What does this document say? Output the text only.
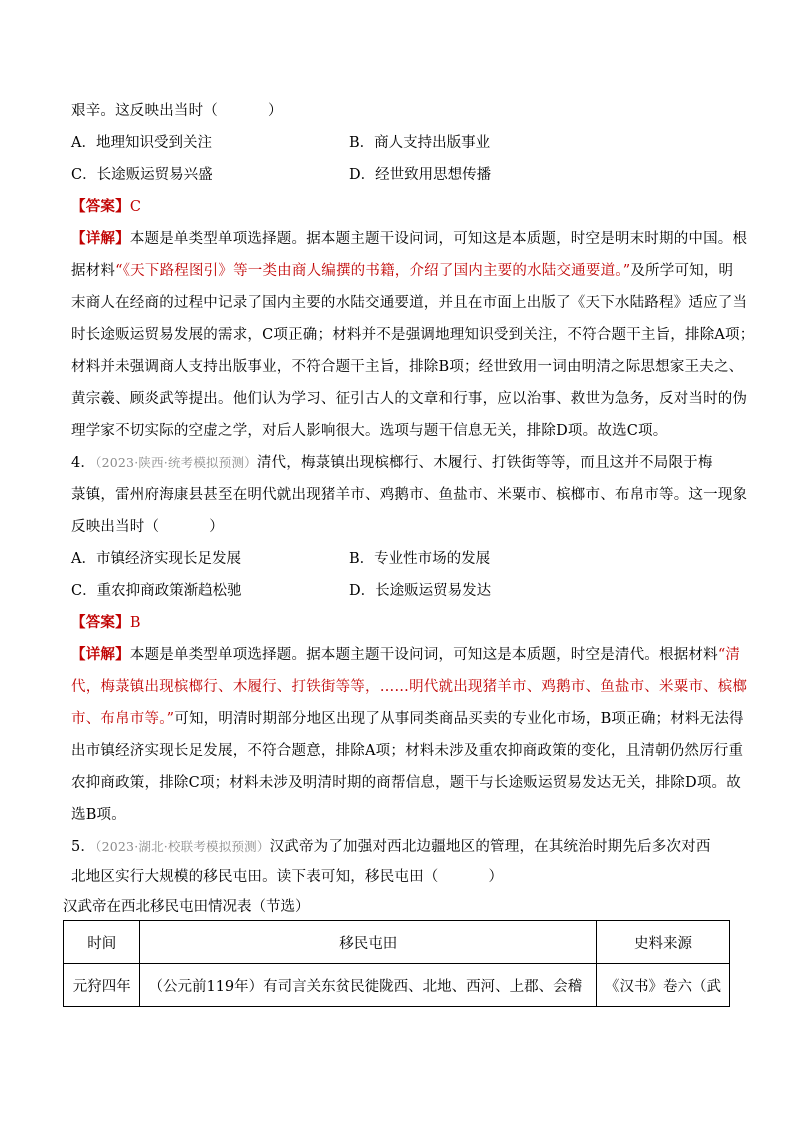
艰辛。这反映出当时（	）
A．地理知识受到关注	B．商人支持出版事业
C．长途贩运贸易兴盛	D．经世致用思想传播
【答案】C
【详解】本题是单类型单项选择题。据本题主题干设问词，可知这是本质题，时空是明末时期的中国。根
据材料“《天下路程图引》等一类由商人编撰的书籍，介绍了国内主要的水陆交通要道。”及所学可知，明
末商人在经商的过程中记录了国内主要的水陆交通要道，并且在市面上出版了《天下水陆路程》适应了当
时长途贩运贸易发展的需求，C项正确；材料并不是强调地理知识受到关注，不符合题干主旨，排除A项；
材料并未强调商人支持出版事业，不符合题干主旨，排除B项；经世致用一词由明清之际思想家王夫之、
黄宗羲、顾炎武等提出。他们认为学习、征引古人的文章和行事，应以治事、救世为急务，反对当时的伪
理学家不切实际的空虚之学，对后人影响很大。选项与题干信息无关，排除D项。故选C项。
4．（2023·陕西·统考模拟预测）清代，梅菉镇出现槟榔行、木履行、打铁街等等，而且这并不局限于梅
菉镇，雷州府海康县甚至在明代就出现猪羊市、鸡鹅市、鱼盐市、米粟市、槟榔市、布帛市等。这一现象
反映出当时（	）
A．市镇经济实现长足发展	B．专业性市场的发展
C．重农抑商政策渐趋松驰	D．长途贩运贸易发达
【答案】B
【详解】本题是单类型单项选择题。据本题主题干设问词，可知这是本质题，时空是清代。根据材料“清
代，梅菉镇出现槟榔行、木履行、打铁街等等，……明代就出现猪羊市、鸡鹅市、鱼盐市、米粟市、槟榔
市、布帛市等。”可知，明清时期部分地区出现了从事同类商品买卖的专业化市场，B项正确；材料无法得
出市镇经济实现长足发展，不符合题意，排除A项；材料未涉及重农抑商政策的变化，且清朝仍然厉行重
农抑商政策，排除C项；材料未涉及明清时期的商帮信息，题干与长途贩运贸易发达无关，排除D项。故
选B项。
5．（2023·湖北·校联考模拟预测）汉武帝为了加强对西北边疆地区的管理，在其统治时期先后多次对西
北地区实行大规模的移民屯田。读下表可知，移民屯田（	）
汉武帝在西北移民屯田情况表（节选）
时间	移民屯田	史料来源
元狩四年	（公元前119年）有司言关东贫民徙陇西、北地、西河、上郡、会稽	《汉书》卷六（武
